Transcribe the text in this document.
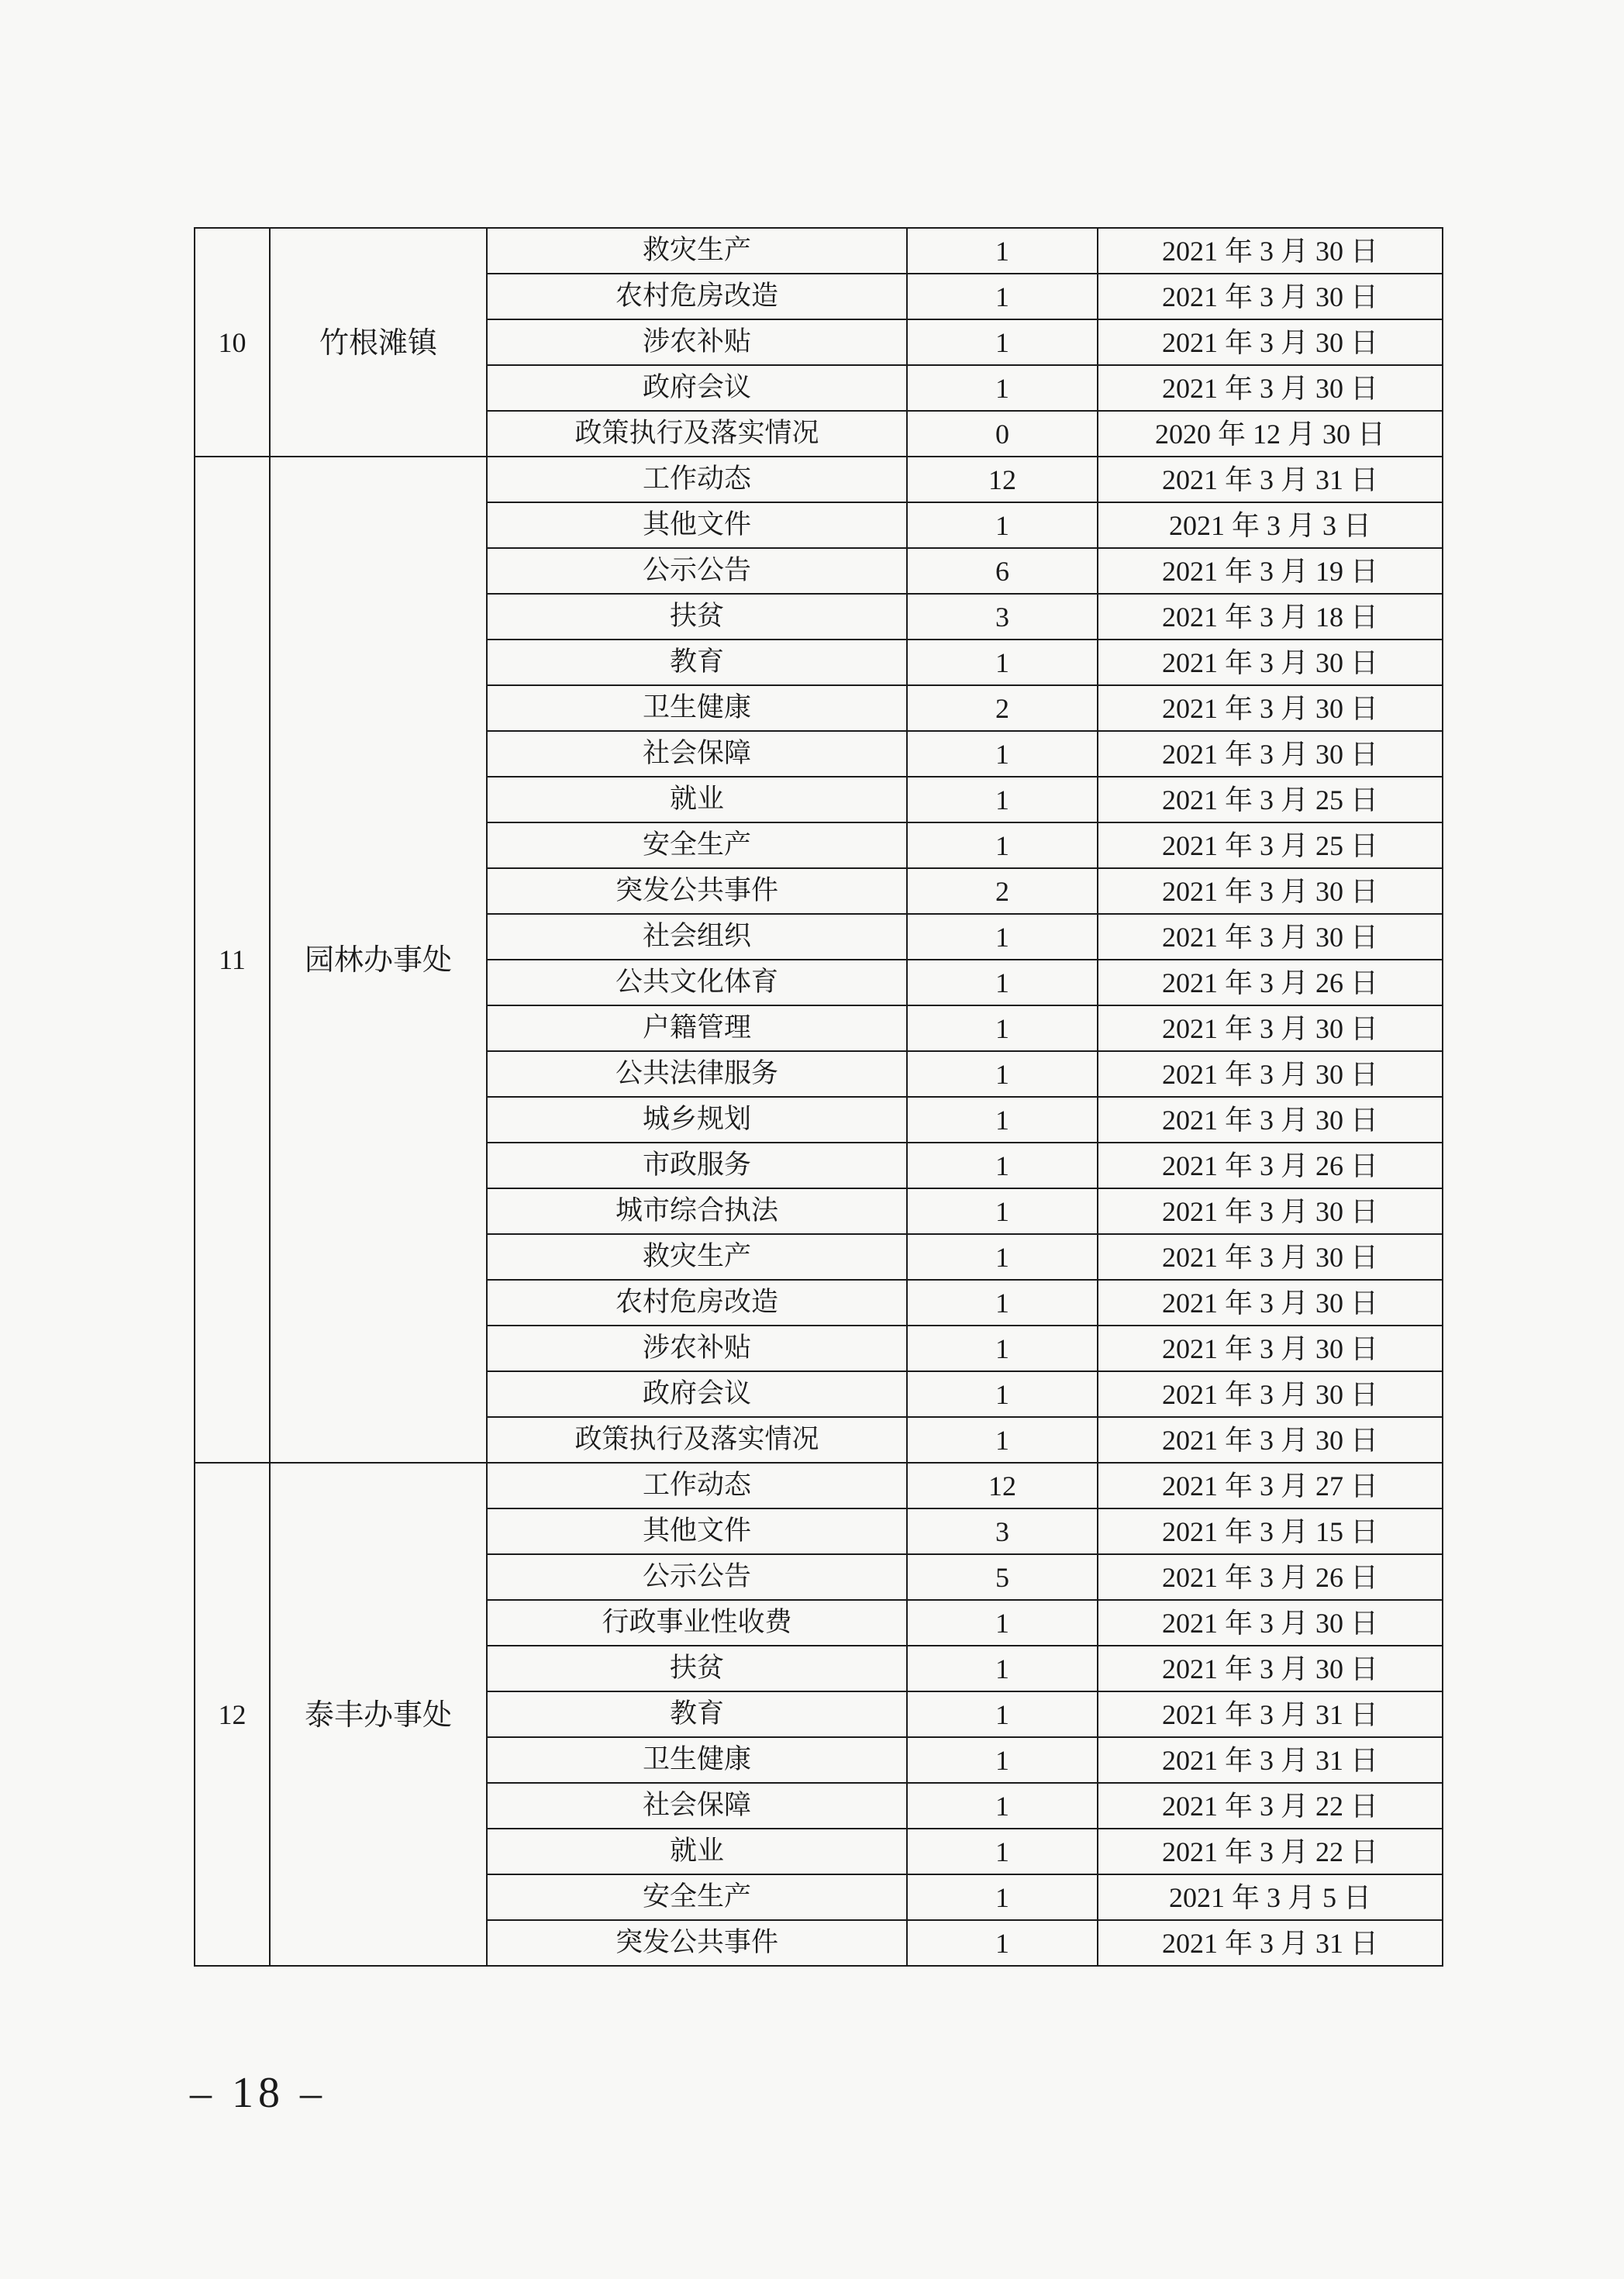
10	竹根滩镇	救灾生产	1	2021 年 3 月 30 日
		农村危房改造	1	2021 年 3 月 30 日
		涉农补贴	1	2021 年 3 月 30 日
		政府会议	1	2021 年 3 月 30 日
		政策执行及落实情况	0	2020 年 12 月 30 日
11	园林办事处	工作动态	12	2021 年 3 月 31 日
		其他文件	1	2021 年 3 月 3 日
		公示公告	6	2021 年 3 月 19 日
		扶贫	3	2021 年 3 月 18 日
		教育	1	2021 年 3 月 30 日
		卫生健康	2	2021 年 3 月 30 日
		社会保障	1	2021 年 3 月 30 日
		就业	1	2021 年 3 月 25 日
		安全生产	1	2021 年 3 月 25 日
		突发公共事件	2	2021 年 3 月 30 日
		社会组织	1	2021 年 3 月 30 日
		公共文化体育	1	2021 年 3 月 26 日
		户籍管理	1	2021 年 3 月 30 日
		公共法律服务	1	2021 年 3 月 30 日
		城乡规划	1	2021 年 3 月 30 日
		市政服务	1	2021 年 3 月 26 日
		城市综合执法	1	2021 年 3 月 30 日
		救灾生产	1	2021 年 3 月 30 日
		农村危房改造	1	2021 年 3 月 30 日
		涉农补贴	1	2021 年 3 月 30 日
		政府会议	1	2021 年 3 月 30 日
		政策执行及落实情况	1	2021 年 3 月 30 日
12	泰丰办事处	工作动态	12	2021 年 3 月 27 日
		其他文件	3	2021 年 3 月 15 日
		公示公告	5	2021 年 3 月 26 日
		行政事业性收费	1	2021 年 3 月 30 日
		扶贫	1	2021 年 3 月 30 日
		教育	1	2021 年 3 月 31 日
		卫生健康	1	2021 年 3 月 31 日
		社会保障	1	2021 年 3 月 22 日
		就业	1	2021 年 3 月 22 日
		安全生产	1	2021 年 3 月 5 日
		突发公共事件	1	2021 年 3 月 31 日
– 18 –
